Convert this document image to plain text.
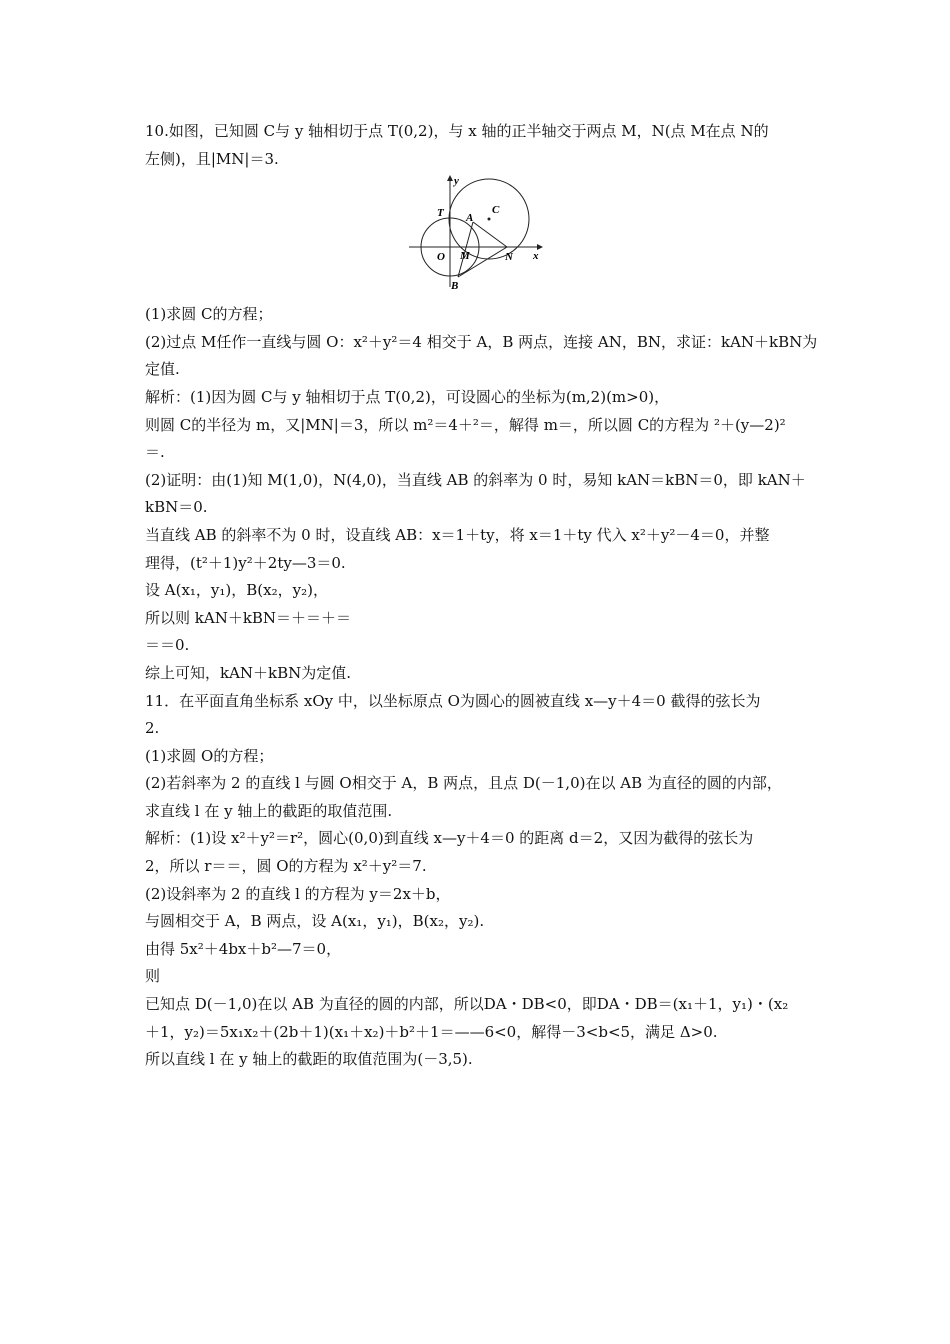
10.如图，已知圆 C与 y 轴相切于点 T(0,2)，与 x 轴的正半轴交于两点 M，N(点 M在点 N的
左侧)，且|MN|＝3.
y
x
T A
C
O M	N
B
(1)求圆 C的方程；
(2)过点 M任作一直线与圆 O：x²＋y²＝4 相交于 A，B 两点，连接 AN，BN，求证：kAN＋kBN为
定值.
解析：(1)因为圆 C与 y 轴相切于点 T(0,2)，可设圆心的坐标为(m,2)(m>0)，
则圆 C的半径为 m，又|MN|＝3，所以 m²＝4＋²＝，解得 m＝，所以圆 C的方程为 ²＋(y—2)²
＝.
(2)证明：由(1)知 M(1,0)，N(4,0)，当直线 AB 的斜率为 0 时，易知 kAN＝kBN＝0，即 kAN＋
kBN＝0.
当直线 AB 的斜率不为 0 时，设直线 AB：x＝1＋ty，将 x＝1＋ty 代入 x²＋y²－4＝0，并整
理得，(t²＋1)y²＋2ty—3＝0.
设 A(x₁，y₁)，B(x₂，y₂)，
所以则 kAN＋kBN＝＋＝＋＝
＝＝0.
综上可知，kAN＋kBN为定值.
11．在平面直角坐标系 xOy 中，以坐标原点 O为圆心的圆被直线 x—y＋4＝0 截得的弦长为
2.
(1)求圆 O的方程；
(2)若斜率为 2 的直线 l 与圆 O相交于 A，B 两点，且点 D(－1,0)在以 AB 为直径的圆的内部，
求直线 l 在 y 轴上的截距的取值范围.
解析：(1)设 x²＋y²＝r²，圆心(0,0)到直线 x—y＋4＝0 的距离 d＝2，又因为截得的弦长为
2，所以 r＝＝，圆 O的方程为 x²＋y²＝7.
(2)设斜率为 2 的直线 l 的方程为 y＝2x＋b，
与圆相交于 A，B 两点，设 A(x₁，y₁)，B(x₂，y₂).
由得 5x²＋4bx＋b²—7＝0，
则
已知点 D(－1,0)在以 AB 为直径的圆的内部，所以DA・DB<0，即DA・DB＝(x₁＋1，y₁)・(x₂
＋1，y₂)＝5x₁x₂＋(2b＋1)(x₁＋x₂)＋b²＋1＝——6<0，解得－3<b<5，满足 Δ>0.
所以直线 l 在 y 轴上的截距的取值范围为(－3,5).
